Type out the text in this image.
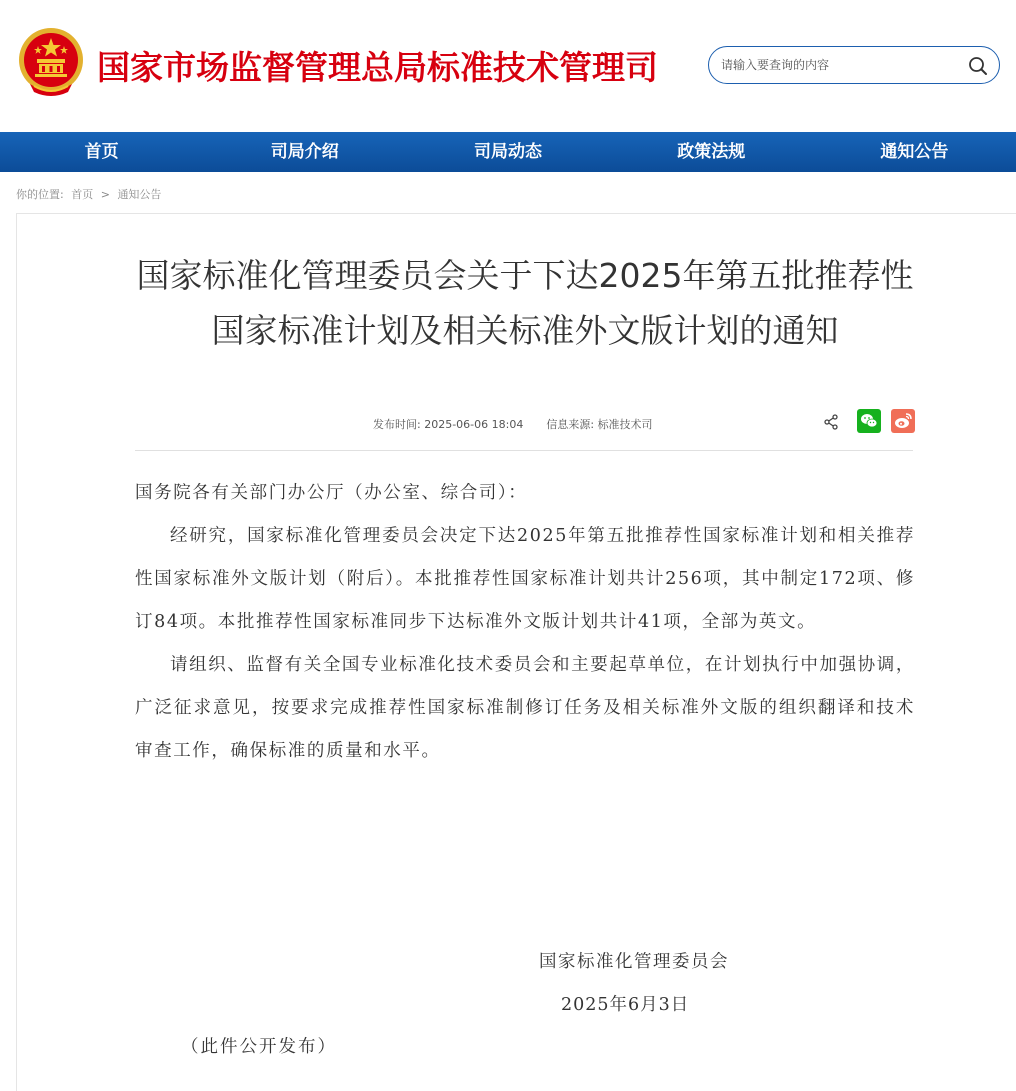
国家市场监督管理总局标准技术管理司
请输入要查询的内容
首页	司局介绍	司局动态	政策法规	通知公告
你的位置: 首页 > 通知公告
国家标准化管理委员会关于下达2025年第五批推荐性国家标准计划及相关标准外文版计划的通知
发布时间: 2025-06-06 18:04 信息来源: 标准技术司

国务院各有关部门办公厅（办公室、综合司）：

经研究，国家标准化管理委员会决定下达2025年第五批推荐性国家标准计划和相关推荐性国家标准外文版计划（附后）。本批推荐性国家标准计划共计256项，其中制定172项、修订84项。本批推荐性国家标准同步下达标准外文版计划共计41项，全部为英文。

请组织、监督有关全国专业标准化技术委员会和主要起草单位，在计划执行中加强协调，广泛征求意见，按要求完成推荐性国家标准制修订任务及相关标准外文版的组织翻译和技术审查工作，确保标准的质量和水平。

国家标准化管理委员会
2025年6月3日
（此件公开发布）
